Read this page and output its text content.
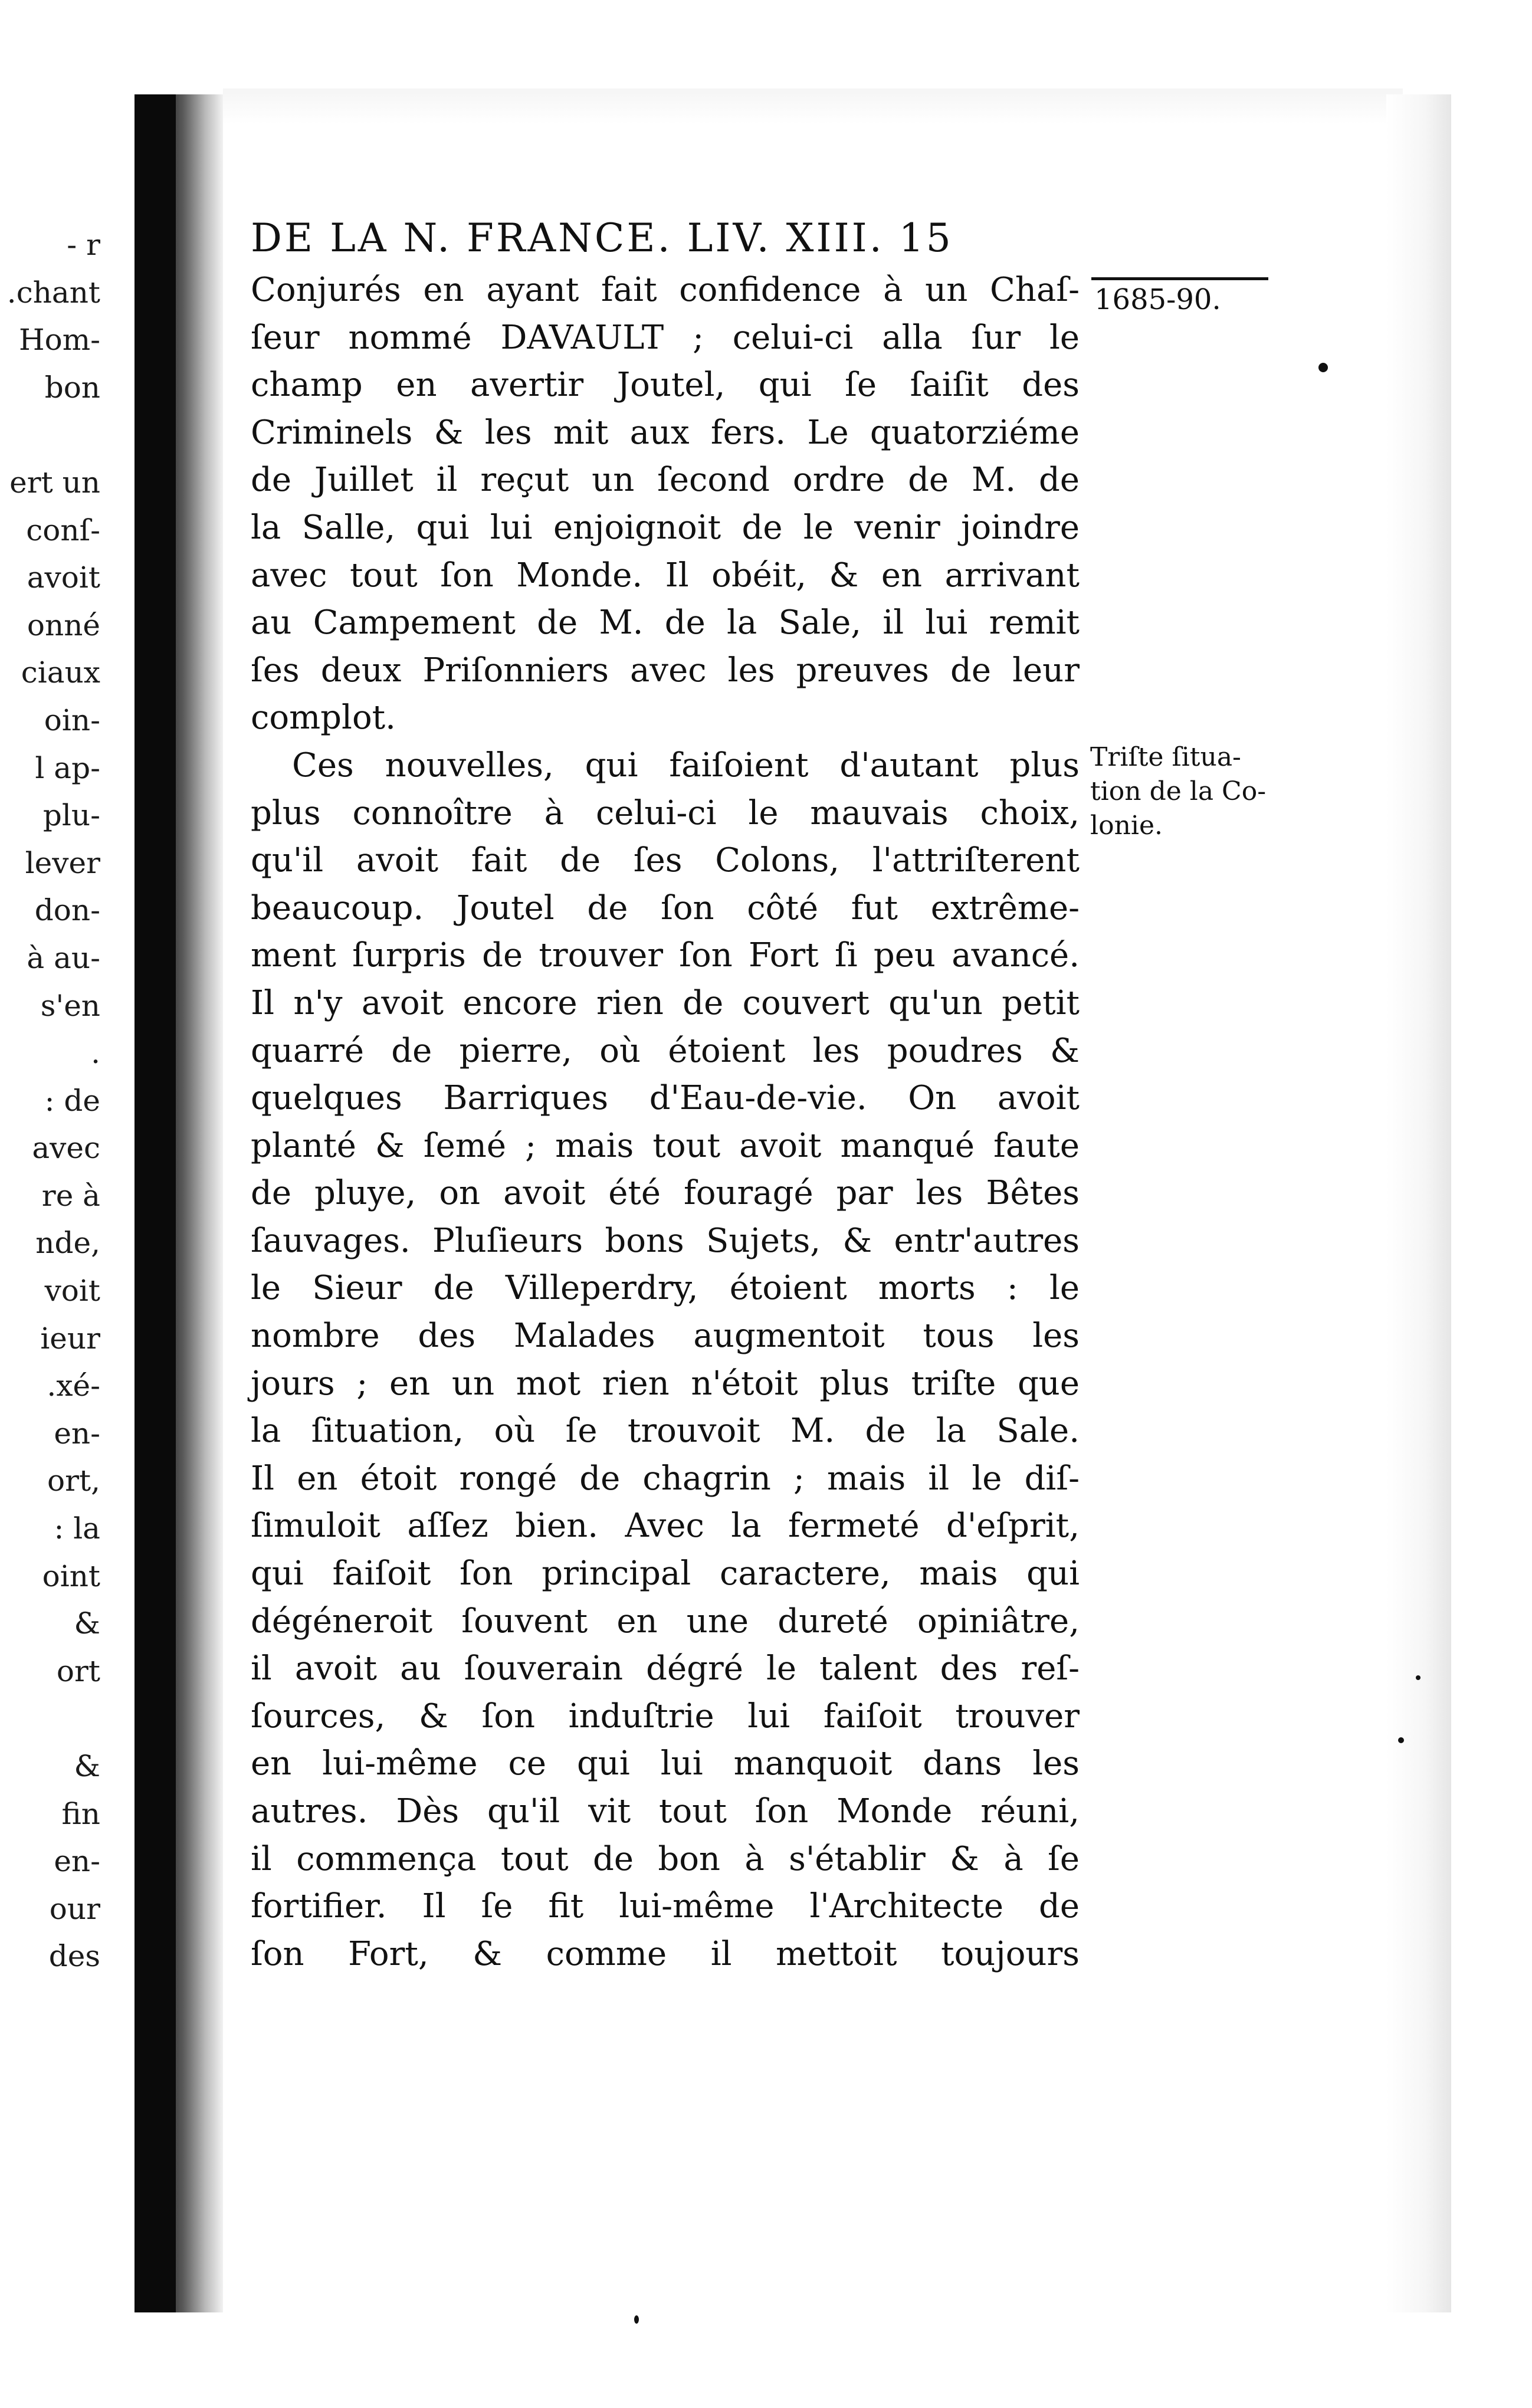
- r
.chant
Hom-
bon
ert un
conſ-
avoit
onné
ciaux
oin-
l ap-
plu-
lever
don-
à au-
s'en
.
: de
avec
re à
nde,
voit
ieur
.xé-
en-
ort,
: la
oint
&
ort
&
fin
en-
our
des
DE LA N. FRANCE. LIV. XIII. 15
1685-90.
Triſte ſitua-
tion de la Co-
lonie.
Conjurés en ayant fait confidence à un Chaſ-
ſeur nommé DAVAULT ; celui-ci alla ſur le
champ en avertir Joutel, qui ſe ſaiſit des
Criminels & les mit aux fers. Le quatorziéme
de Juillet il reçut un ſecond ordre de M. de
la Salle, qui lui enjoignoit de le venir joindre
avec tout ſon Monde. Il obéit, & en arrivant
au Campement de M. de la Sale, il lui remit
ſes deux Priſonniers avec les preuves de leur
complot.
Ces nouvelles, qui faiſoient d'autant plus
plus connoître à celui-ci le mauvais choix,
qu'il avoit fait de ſes Colons, l'attriſterent
beaucoup. Joutel de ſon côté fut extrême-
ment ſurpris de trouver ſon Fort ſi peu avancé.
Il n'y avoit encore rien de couvert qu'un petit
quarré de pierre, où étoient les poudres &
quelques Barriques d'Eau-de-vie. On avoit
planté & ſemé ; mais tout avoit manqué faute
de pluye, on avoit été fouragé par les Bêtes
ſauvages. Pluſieurs bons Sujets, & entr'autres
le Sieur de Villeperdry, étoient morts : le
nombre des Malades augmentoit tous les
jours ; en un mot rien n'étoit plus triſte que
la ſituation, où ſe trouvoit M. de la Sale.
Il en étoit rongé de chagrin ; mais il le diſ-
ſimuloit aſſez bien. Avec la fermeté d'eſprit,
qui faiſoit ſon principal caractere, mais qui
dégéneroit ſouvent en une dureté opiniâtre,
il avoit au ſouverain dégré le talent des reſ-
ſources, & ſon induſtrie lui faiſoit trouver
en lui-même ce qui lui manquoit dans les
autres. Dès qu'il vit tout ſon Monde réuni,
il commença tout de bon à s'établir & à ſe
fortifier. Il ſe fit lui-même l'Architecte de
ſon Fort, & comme il mettoit toujours
